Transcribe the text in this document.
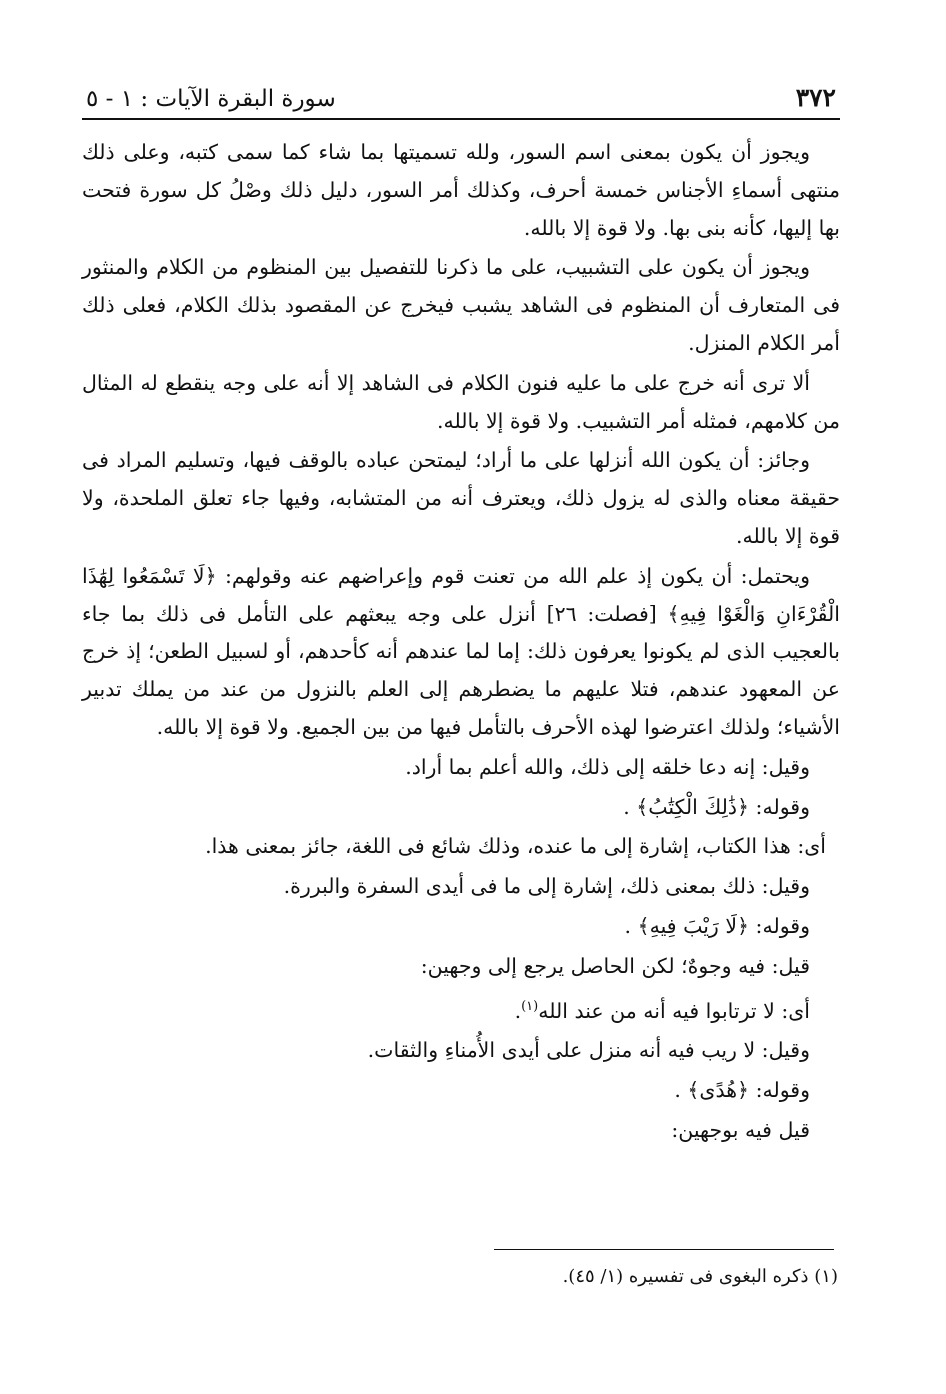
٣٧٢
سورة البقرة الآيات : ١ - ٥

ويجوز أن يكون بمعنى اسم السور، ولله تسميتها بما شاء كما سمى كتبه، وعلى ذلك منتهى أسماءِ الأجناس خمسة أحرف، وكذلك أمر السور، دليل ذلك وصْلُ كل سورة فتحت بها إليها، كأنه بنى بها. ولا قوة إلا بالله.

ويجوز أن يكون على التشبيب، على ما ذكرنا للتفصيل بين المنظوم من الكلام والمنثور فى المتعارف أن المنظوم فى الشاهد يشبب فيخرج عن المقصود بذلك الكلام، فعلى ذلك أمر الكلام المنزل.

ألا ترى أنه خرج على ما عليه فنون الكلام فى الشاهد إلا أنه على وجه ينقطع له المثال من كلامهم، فمثله أمر التشبيب. ولا قوة إلا بالله.

وجائز: أن يكون الله أنزلها على ما أراد؛ ليمتحن عباده بالوقف فيها، وتسليم المراد فى حقيقة معناه والذى له يزول ذلك، ويعترف أنه من المتشابه، وفيها جاء تعلق الملحدة، ولا قوة إلا بالله.

ويحتمل: أن يكون إذ علم الله من تعنت قوم وإعراضهم عنه وقولهم: ﴿لَا تَسْمَعُوا لِهَٰذَا الْقُرْءَانِ وَالْغَوْا فِيهِ﴾ [فصلت: ٢٦] أنزل على وجه يبعثهم على التأمل فى ذلك بما جاء بالعجيب الذى لم يكونوا يعرفون ذلك: إما لما عندهم أنه كأحدهم، أو لسبيل الطعن؛ إذ خرج عن المعهود عندهم، فتلا عليهم ما يضطرهم إلى العلم بالنزول من عند من يملك تدبير الأشياء؛ ولذلك اعترضوا لهذه الأحرف بالتأمل فيها من بين الجميع. ولا قوة إلا بالله.

وقيل: إنه دعا خلقه إلى ذلك، والله أعلم بما أراد.

وقوله: ﴿ذَٰلِكَ الْكِتَٰبُ﴾ .

أى: هذا الكتاب، إشارة إلى ما عنده، وذلك شائع فى اللغة، جائز بمعنى هذا.

وقيل: ذلك بمعنى ذلك، إشارة إلى ما فى أيدى السفرة والبررة.

وقوله: ﴿لَا رَيْبَ فِيهِ﴾ .

قيل: فيه وجوهٌ؛ لكن الحاصل يرجع إلى وجهين:

أى: لا ترتابوا فيه أنه من عند الله$^{(١)}$.

وقيل: لا ريب فيه أنه منزل على أيدى الأُمناءِ والثقات.

وقوله: ﴿هُدًى﴾ .

قيل فيه بوجهين:

(١) ذكره البغوى فى تفسيره (١/ ٤٥).
